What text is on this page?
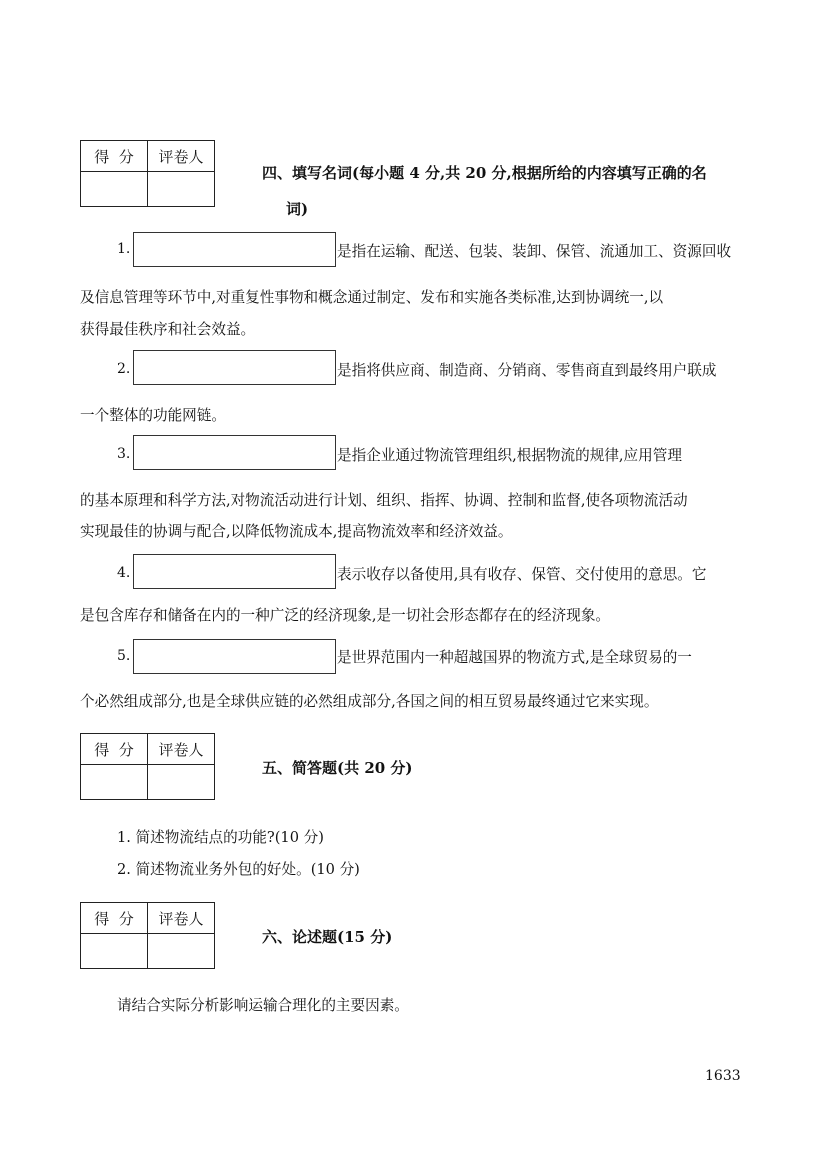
得  分	评卷人

四、填写名词(每小题 4 分,共 20 分,根据所给的内容填写正确的名
词)
1.	是指在运输、配送、包装、装卸、保管、流通加工、资源回收
及信息管理等环节中,对重复性事物和概念通过制定、发布和实施各类标准,达到协调统一,以
获得最佳秩序和社会效益。
2.	是指将供应商、制造商、分销商、零售商直到最终用户联成
一个整体的功能网链。
3.	是指企业通过物流管理组织,根据物流的规律,应用管理
的基本原理和科学方法,对物流活动进行计划、组织、指挥、协调、控制和监督,使各项物流活动
实现最佳的协调与配合,以降低物流成本,提高物流效率和经济效益。
4.	表示收存以备使用,具有收存、保管、交付使用的意思。它
是包含库存和储备在内的一种广泛的经济现象,是一切社会形态都存在的经济现象。
5.	是世界范围内一种超越国界的物流方式,是全球贸易的一
个必然组成部分,也是全球供应链的必然组成部分,各国之间的相互贸易最终通过它来实现。
得  分	评卷人

五、简答题(共 20 分)
1. 简述物流结点的功能?(10 分)
2. 简述物流业务外包的好处。(10 分)
得  分	评卷人

六、论述题(15 分)
请结合实际分析影响运输合理化的主要因素。
1633
